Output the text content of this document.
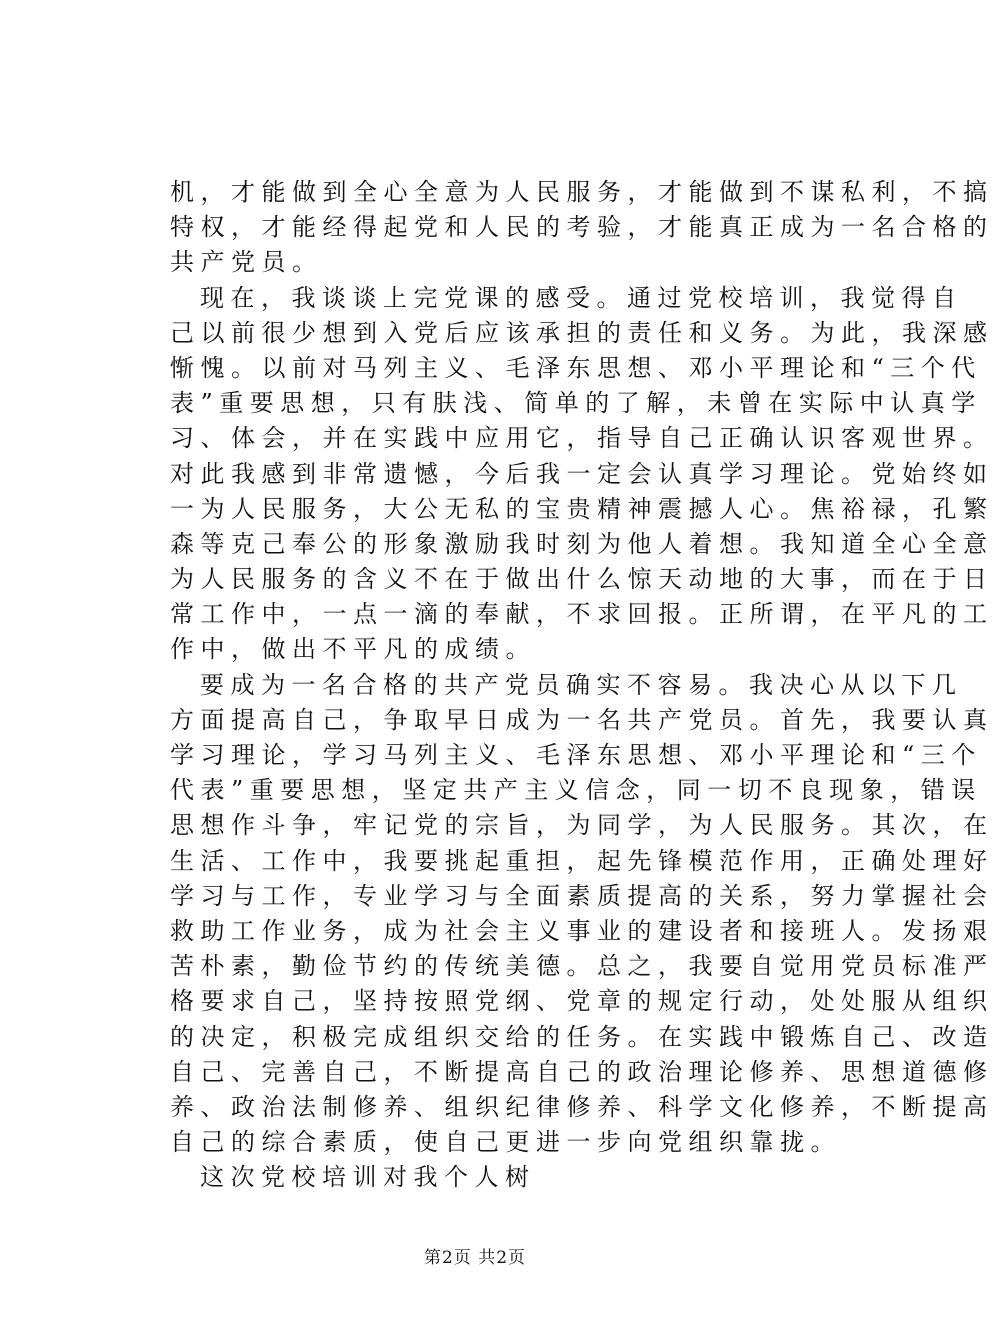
机，才能做到全心全意为人民服务，才能做到不谋私利，不搞
特权，才能经得起党和人民的考验，才能真正成为一名合格的
共产党员。
现在，我谈谈上完党课的感受。通过党校培训，我觉得自
己以前很少想到入党后应该承担的责任和义务。为此，我深感
惭愧。以前对马列主义、毛泽东思想、邓小平理论和“三个代
表”重要思想，只有肤浅、简单的了解，未曾在实际中认真学
习、体会，并在实践中应用它，指导自己正确认识客观世界。
对此我感到非常遗憾，今后我一定会认真学习理论。党始终如
一为人民服务，大公无私的宝贵精神震撼人心。焦裕禄，孔繁
森等克己奉公的形象激励我时刻为他人着想。我知道全心全意
为人民服务的含义不在于做出什么惊天动地的大事，而在于日
常工作中，一点一滴的奉献，不求回报。正所谓，在平凡的工
作中，做出不平凡的成绩。
要成为一名合格的共产党员确实不容易。我决心从以下几
方面提高自己，争取早日成为一名共产党员。首先，我要认真
学习理论，学习马列主义、毛泽东思想、邓小平理论和“三个
代表”重要思想，坚定共产主义信念，同一切不良现象，错误
思想作斗争，牢记党的宗旨，为同学，为人民服务。其次，在
生活、工作中，我要挑起重担，起先锋模范作用，正确处理好
学习与工作，专业学习与全面素质提高的关系，努力掌握社会
救助工作业务，成为社会主义事业的建设者和接班人。发扬艰
苦朴素，勤俭节约的传统美德。总之，我要自觉用党员标准严
格要求自己，坚持按照党纲、党章的规定行动，处处服从组织
的决定，积极完成组织交给的任务。在实践中锻炼自己、改造
自己、完善自己，不断提高自己的政治理论修养、思想道德修
养、政治法制修养、组织纪律修养、科学文化修养，不断提高
自己的综合素质，使自己更进一步向党组织靠拢。
这次党校培训对我个人树
第2页 共2页
